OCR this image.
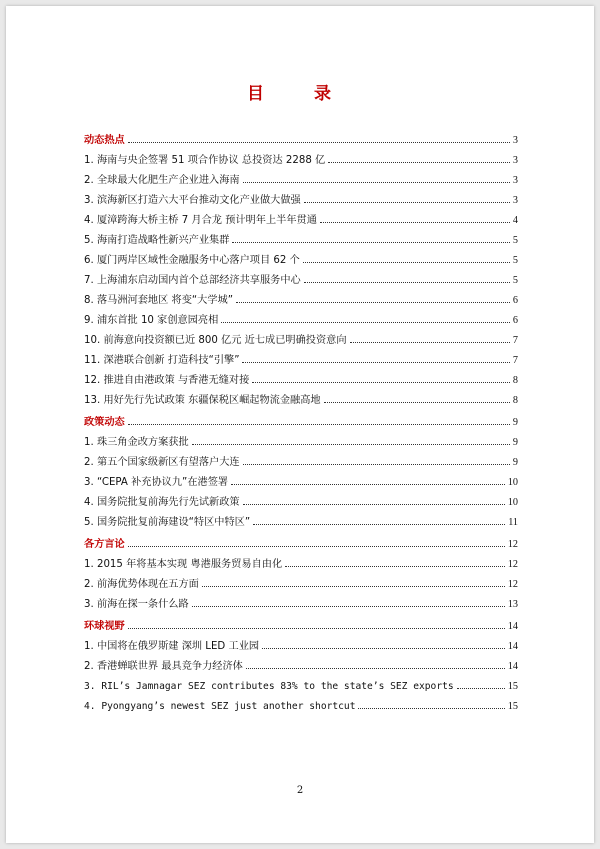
目 录
动态热点	3
1. 海南与央企签署 51 项合作协议 总投资达 2288 亿	3
2. 全球最大化肥生产企业进入海南	3
3. 滨海新区打造六大平台推动文化产业做大做强	3
4. 厦漳跨海大桥主桥 7 月合龙 预计明年上半年贯通	4
5. 海南打造战略性新兴产业集群	5
6. 厦门两岸区域性金融服务中心落户项目 62 个	5
7. 上海浦东启动国内首个总部经济共享服务中心	5
8. 落马洲河套地区 将变“大学城”	6
9. 浦东首批 10 家创意园亮相	6
10. 前海意向投资额已近 800 亿元 近七成已明确投资意向	7
11. 深港联合创新 打造科技“引擎”	7
12. 推进自由港政策 与香港无缝对接	8
13. 用好先行先试政策 东疆保税区崛起物流金融高地	8
政策动态	9
1. 珠三角金改方案获批	9
2. 第五个国家级新区有望落户大连	9
3. “CEPA 补充协议九”在港签署	10
4. 国务院批复前海先行先试新政策	10
5. 国务院批复前海建设“特区中特区”	11
各方言论	12
1. 2015 年将基本实现 粤港服务贸易自由化	12
2. 前海优势体现在五方面	12
3. 前海在探一条什么路	13
环球视野	14
1. 中国将在俄罗斯建 深圳 LED 工业园	14
2. 香港蝉联世界 最具竞争力经济体	14
3. RIL’s Jamnagar SEZ contributes 83% to the state’s SEZ exports	15
4. Pyongyang’s newest SEZ just another shortcut	15
2
